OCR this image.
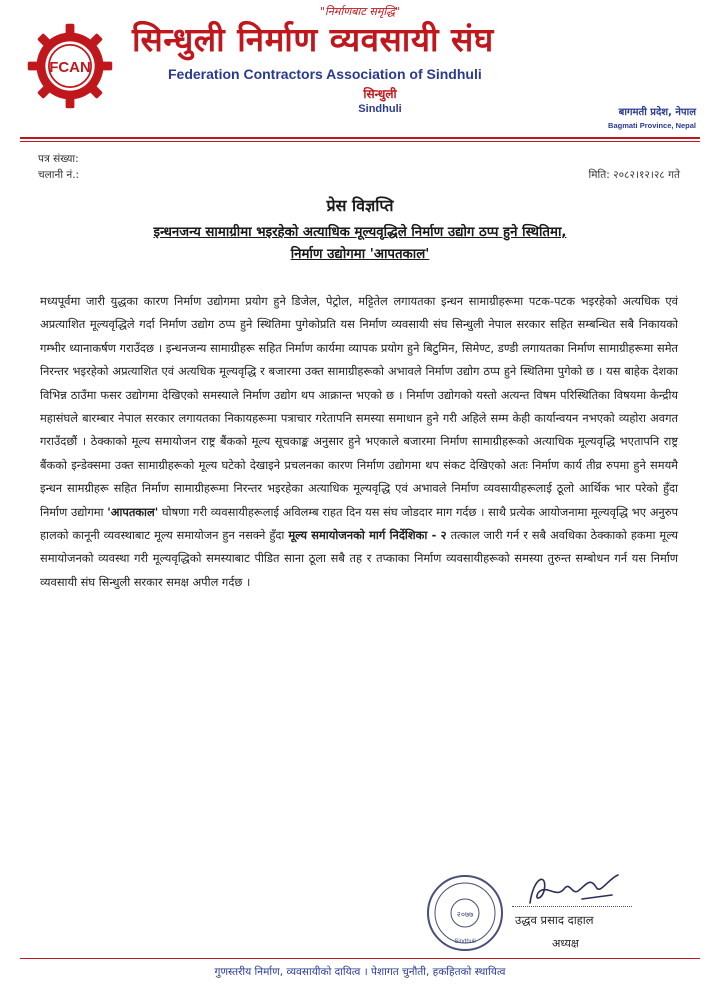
"निर्माणबाट समृद्धि"
FCAN
सिन्धुली निर्माण व्यवसायी संघ
Federation Contractors Association of Sindhuli
सिन्धुली
Sindhuli	बागमती प्रदेश, नेपाल
Bagmati Province, Nepal
पत्र संख्या:
चलानी नं.:	मिति: २०८२।१२।२८ गते
प्रेस विज्ञप्ति
इन्धनजन्य सामाग्रीमा भइरहेको अत्याधिक मूल्यवृद्धिले निर्माण उद्योग ठप्प हुने स्थितिमा,
निर्माण उद्योगमा 'आपतकाल'
मध्यपूर्वमा जारी युद्धका कारण निर्माण उद्योगमा प्रयोग हुने डिजेल, पेट्रोल, मट्टितेल लगायतका इन्धन सामाग्रीहरूमा पटक-पटक भइरहेको अत्यधिक एवं अप्रत्याशित मूल्यवृद्धिले गर्दा निर्माण उद्योग ठप्प हुने स्थितिमा पुगेकोप्रति यस निर्माण व्यवसायी संघ सिन्धुली नेपाल सरकार सहित सम्बन्धित सबै निकायको गम्भीर ध्यानाकर्षण गराउँदछ । इन्धनजन्य सामाग्रीहरू सहित निर्माण कार्यमा व्यापक प्रयोग हुने बिटुमिन, सिमेण्ट, डण्डी लगायतका निर्माण सामाग्रीहरूमा समेत निरन्तर भइरहेको अप्रत्याशित एवं अत्यधिक मूल्यवृद्धि र बजारमा उक्त सामाग्रीहरूको अभावले निर्माण उद्योग ठप्प हुने स्थितिमा पुगेको छ । यस बाहेक देशका विभिन्न ठाउँमा फसर उद्योगमा देखिएको समस्याले निर्माण उद्योग थप आक्रान्त भएको छ । निर्माण उद्योगको यस्तो अत्यन्त विषम परिस्थितिका विषयमा केन्द्रीय महासंघले बारम्बार नेपाल सरकार लगायतका निकायहरूमा पत्राचार गरेतापनि समस्या समाधान हुने गरी अहिले सम्म केही कार्यान्वयन नभएको व्यहोरा अवगत गराउँदछौं । ठेक्काको मूल्य समायोजन राष्ट्र बैंकको मूल्य सूचकाङ्क अनुसार हुने भएकाले बजारमा निर्माण सामाग्रीहरूको अत्याधिक मूल्यवृद्धि भएतापनि राष्ट्र बैंकको इन्डेक्समा उक्त सामाग्रीहरूको मूल्य घटेको देखाइने प्रचलनका कारण निर्माण उद्योगमा थप संकट देखिएको अतः निर्माण कार्य तीव्र रुपमा हुने समयमै इन्धन सामग्रीहरू सहित निर्माण सामाग्रीहरूमा निरन्तर भइरहेका अत्याधिक मूल्यवृद्धि एवं अभावले निर्माण व्यवसायीहरूलाई ठूलो आर्थिक भार परेको हुँदा निर्माण उद्योगमा 'आपतकाल' घोषणा गरी व्यवसायीहरूलाई अविलम्ब राहत दिन यस संघ जोडदार माग गर्दछ । साथै प्रत्येक आयोजनामा मूल्यवृद्धि भए अनुरुप हालको कानूनी व्यवस्थाबाट मूल्य समायोजन हुन नसक्ने हुँदा मूल्य समायोजनको मार्ग निर्देशिका - २ तत्काल जारी गर्न र सबै अवधिका ठेक्काको हकमा मूल्य समायोजनको व्यवस्था गरी मूल्यवृद्धिको समस्याबाट पीडित साना ठूला सबै तह र तप्काका निर्माण व्यवसायीहरूको समस्या तुरुन्त सम्बोधन गर्न यस निर्माण व्यवसायी संघ सिन्धुली सरकार समक्ष अपील गर्दछ ।
२०७७
Sindhuli
उद्धव प्रसाद दाहाल
अध्यक्ष
गुणस्तरीय निर्माण, व्यवसायीको दायित्व । पेशागत चुनौती, हकहितको स्थायित्व
